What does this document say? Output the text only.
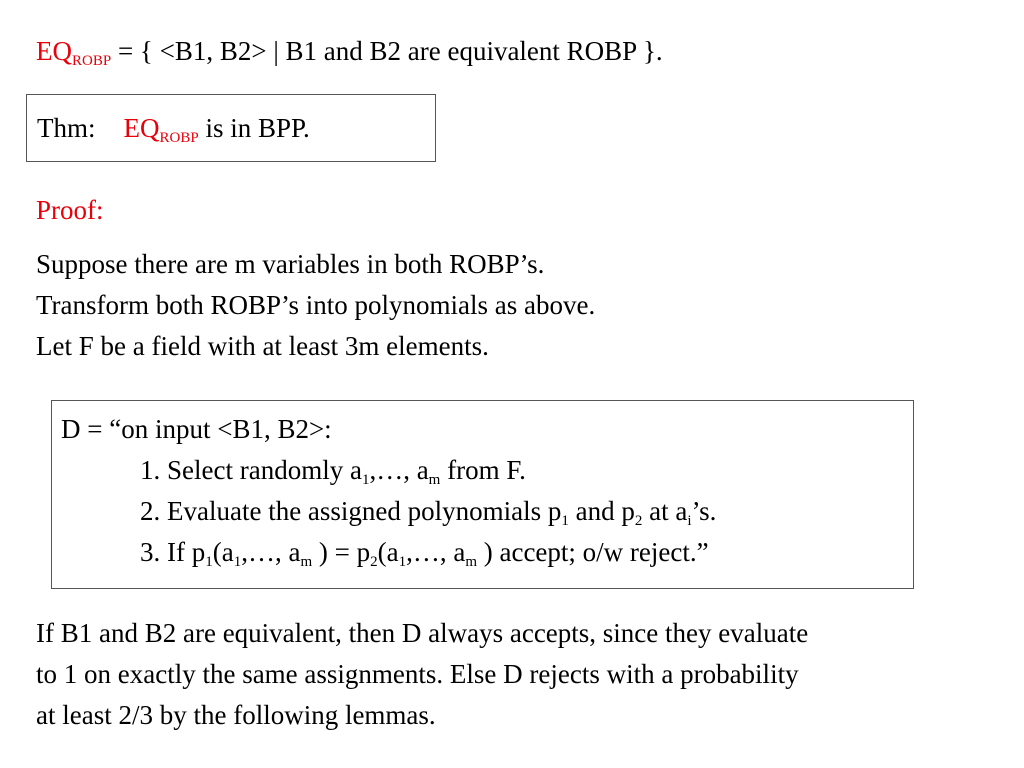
$EQ_{ROBP}$ = { <B1, B2> | B1 and B2 are equivalent ROBP }.
Thm: $EQ_{ROBP}$ is in BPP.
Proof:
Suppose there are m variables in both ROBP’s.
Transform both ROBP’s into polynomials as above.
Let F be a field with at least 3m elements.
D = “on input <B1, B2>:
1. Select randomly $a_1,\dots$, $a_m$ from F.
2. Evaluate the assigned polynomials $p_1$ and $p_2$ at $a_i’s$.
3. If $p_1(a_1,\dots$, $a_m$ ) = $p_2(a_1,\dots$, $a_m$ ) accept; o/w reject.”
If B1 and B2 are equivalent, then D always accepts, since they evaluate
to 1 on exactly the same assignments. Else D rejects with a probability
at least 2/3 by the following lemmas.
